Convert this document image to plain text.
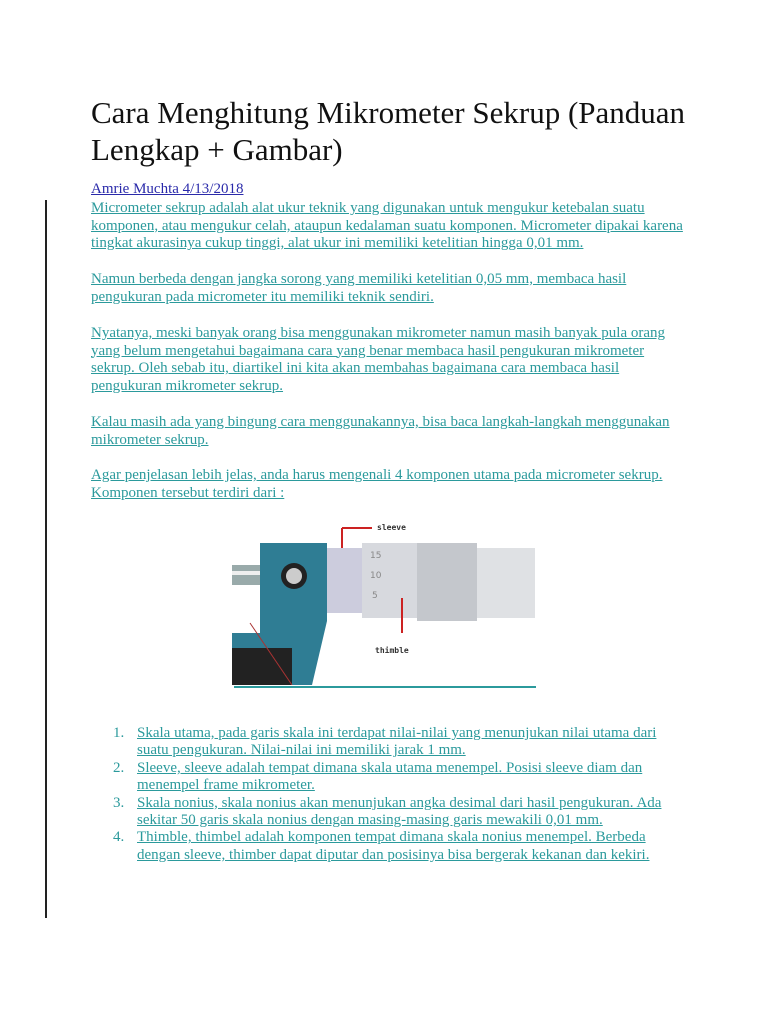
Cara Menghitung Mikrometer Sekrup (Panduan Lengkap + Gambar)
Amrie Muchta 4/13/2018
Micrometer sekrup adalah alat ukur teknik yang digunakan untuk mengukur ketebalan suatu komponen, atau mengukur celah, ataupun kedalaman suatu komponen. Micrometer dipakai karena tingkat akurasinya cukup tinggi, alat ukur ini memiliki ketelitian hingga 0,01 mm.
Namun berbeda dengan jangka sorong yang memiliki ketelitian 0,05 mm, membaca hasil pengukuran pada micrometer itu memiliki teknik sendiri.
Nyatanya, meski banyak orang bisa menggunakan mikrometer namun masih banyak pula orang yang belum mengetahui bagaimana cara yang benar membaca hasil pengukuran mikrometer sekrup. Oleh sebab itu, diartikel ini kita akan membahas bagaimana cara membaca hasil pengukuran mikrometer sekrup.
Kalau masih ada yang bingung cara menggunakannya, bisa baca langkah-langkah menggunakan mikrometer sekrup.
Agar penjelasan lebih jelas, anda harus mengenali 4 komponen utama pada micrometer sekrup. Komponen tersebut terdiri dari :
15
10
5
sleeve
thimble
1. Skala utama, pada garis skala ini terdapat nilai-nilai yang menunjukan nilai utama dari suatu pengukuran. Nilai-nilai ini memiliki jarak 1 mm.
2. Sleeve, sleeve adalah tempat dimana skala utama menempel. Posisi sleeve diam dan menempel frame mikrometer.
3. Skala nonius, skala nonius akan menunjukan angka desimal dari hasil pengukuran. Ada sekitar 50 garis skala nonius dengan masing-masing garis mewakili 0,01 mm.
4. Thimble, thimbel adalah komponen tempat dimana skala nonius menempel. Berbeda dengan sleeve, thimber dapat diputar dan posisinya bisa bergerak kekanan dan kekiri.
